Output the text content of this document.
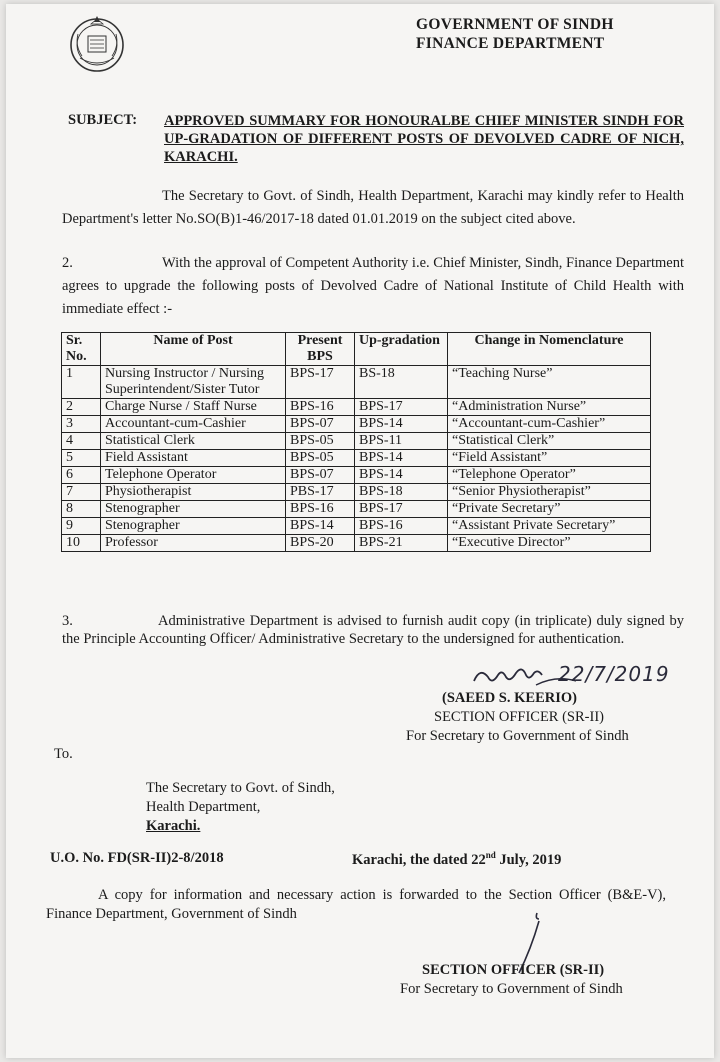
GOVERNMENT OF SINDH
FINANCE DEPARTMENT
SUBJECT: APPROVED SUMMARY FOR HONOURALBE CHIEF MINISTER SINDH FOR UP-GRADATION OF DIFFERENT POSTS OF DEVOLVED CADRE OF NICH, KARACHI.
The Secretary to Govt. of Sindh, Health Department, Karachi may kindly refer to Health Department's letter No.SO(B)1-46/2017-18 dated 01.01.2019 on the subject cited above.
2.	With the approval of Competent Authority i.e. Chief Minister, Sindh, Finance Department agrees to upgrade the following posts of Devolved Cadre of National Institute of Child Health with immediate effect :-
Sr. No.	Name of Post	Present BPS	Up-gradation	Change in Nomenclature
1	Nursing Instructor / Nursing Superintendent/Sister Tutor	BPS-17	BS-18	“Teaching Nurse”
2	Charge Nurse / Staff Nurse	BPS-16	BPS-17	“Administration Nurse”
3	Accountant-cum-Cashier	BPS-07	BPS-14	“Accountant-cum-Cashier”
4	Statistical Clerk	BPS-05	BPS-11	“Statistical Clerk”
5	Field Assistant	BPS-05	BPS-14	“Field Assistant”
6	Telephone Operator	BPS-07	BPS-14	“Telephone Operator”
7	Physiotherapist	PBS-17	BPS-18	“Senior Physiotherapist”
8	Stenographer	BPS-16	BPS-17	“Private Secretary”
9	Stenographer	BPS-14	BPS-16	“Assistant Private Secretary”
10	Professor	BPS-20	BPS-21	“Executive Director”
3.	Administrative Department is advised to furnish audit copy (in triplicate) duly signed by the Principle Accounting Officer/ Administrative Secretary to the undersigned for authentication.
22/7/2019
(SAEED S. KEERIO)
SECTION OFFICER (SR-II)
For Secretary to Government of Sindh
To.
The Secretary to Govt. of Sindh,
Health Department,
Karachi.
U.O. No. FD(SR-II)2-8/2018	Karachi, the dated 22nd July, 2019
A copy for information and necessary action is forwarded to the Section Officer (B&E-V), Finance Department, Government of Sindh
SECTION OFFICER (SR-II)
For Secretary to Government of Sindh
